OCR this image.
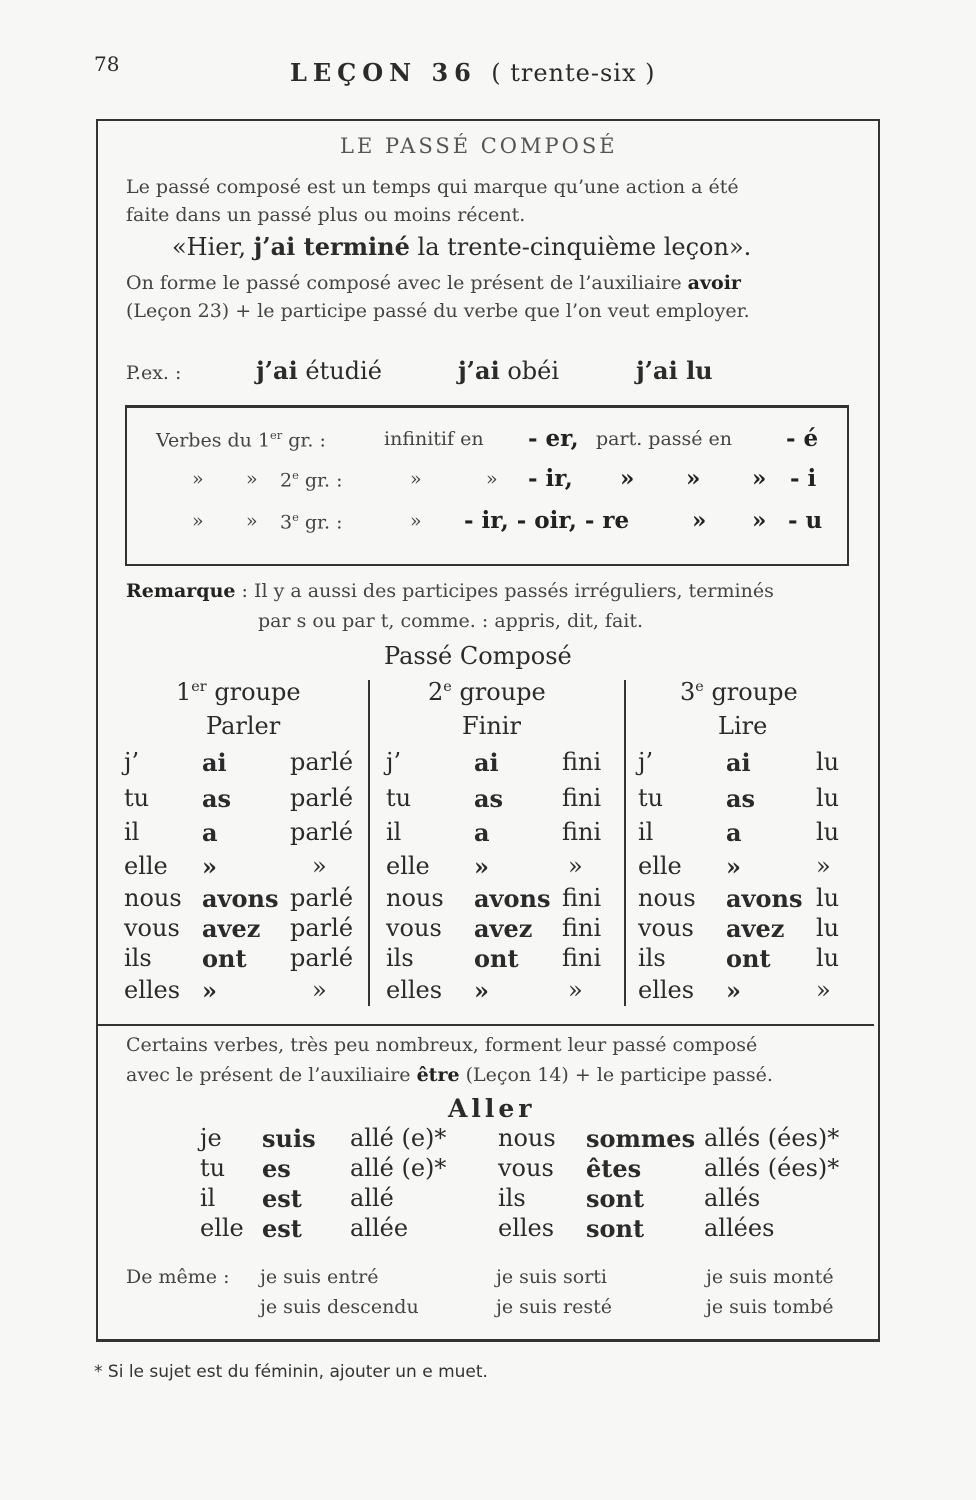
78	LEÇON 36 ( trente-six )
LE PASSÉ COMPOSÉ
Le passé composé est un temps qui marque qu’une action a été
faite dans un passé plus ou moins récent.
«Hier, j’ai terminé la trente-cinquième leçon».
On forme le passé composé avec le présent de l’auxiliaire avoir
(Leçon 23) + le participe passé du verbe que l’on veut employer.
P.ex. :	j’ai étudié	j’ai obéi	j’ai lu
Verbes du 1er gr. :	infinitif en - er, part. passé en - é
» » 2e gr. :	»	» - ir, » » » - i
» » 3e gr. :	» - ir, - oir, - re	» » - u
Remarque : Il y a aussi des participes passés irréguliers, terminés
par s ou par t, comme. : appris, dit, fait.
Passé Composé
1er groupe
Parler
2e groupe
Finir
3e groupe
Lire
j’	ai	parlé j’	ai	fini j’	ai	lu
tu as parlé tu	as fini tu	as	lu
il	a	parlé il	a	fini il	a	lu
elle »	» elle »	» elle »	»
nous avons parlé nous avons fini nous avons lu
vous avez parlé vous avez fini vous avez lu
ils ont parlé ils	ont fini ils	ont lu
elles »	» elles »	» elles »	»
Certains verbes, très peu nombreux, forment leur passé composé
avec le présent de l’auxiliaire être (Leçon 14) + le participe passé.
Aller
je suis allé (e)* nous sommes allés (ées)*
tu es allé (e)* vous êtes	allés (ées)*
il est allé	ils	sont allés
elle est allée	elles sont allées
De même : je suis entré	je suis sorti	je suis monté
je suis descendu	je suis resté	je suis tombé
* Si le sujet est du féminin, ajouter un e muet.
